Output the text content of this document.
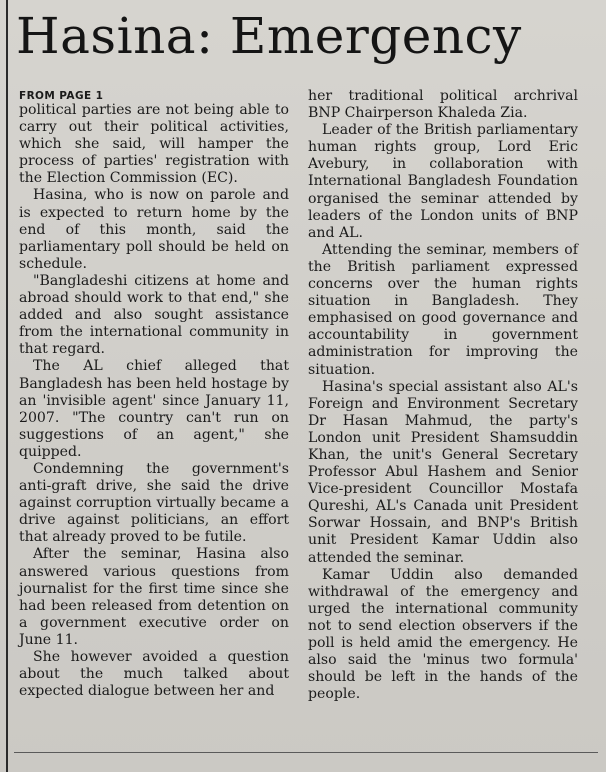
Hasina: Emergency
FROM PAGE 1

political parties are not being able to carry out their political activities, which she said, will hamper the process of parties' registration with the Election Commission (EC).

Hasina, who is now on parole and is expected to return home by the end of this month, said the parliamentary poll should be held on schedule.

"Bangladeshi citizens at home and abroad should work to that end," she added and also sought assistance from the international community in that regard.

The AL chief alleged that Bangladesh has been held hostage by an 'invisible agent' since January 11, 2007. "The country can't run on suggestions of an agent," she quipped.

Condemning the government's anti-graft drive, she said the drive against corruption virtually became a drive against politicians, an effort that already proved to be futile.

After the seminar, Hasina also answered various questions from journalist for the first time since she had been released from detention on a government executive order on June 11.

She however avoided a question about the much talked about expected dialogue between her and

her traditional political archrival BNP Chairperson Khaleda Zia.

Leader of the British parliamentary human rights group, Lord Eric Avebury, in collaboration with International Bangladesh Foundation organised the seminar attended by leaders of the London units of BNP and AL.

Attending the seminar, members of the British parliament expressed concerns over the human rights situation in Bangladesh. They emphasised on good governance and accountability in government administration for improving the situation.

Hasina's special assistant also AL's Foreign and Environment Secretary Dr Hasan Mahmud, the party's London unit President Shamsuddin Khan, the unit's General Secretary Professor Abul Hashem and Senior Vice-president Councillor Mostafa Qureshi, AL's Canada unit President Sorwar Hossain, and BNP's British unit President Kamar Uddin also attended the seminar.

Kamar Uddin also demanded withdrawal of the emergency and urged the international community not to send election observers if the poll is held amid the emergency. He also said the 'minus two formula' should be left in the hands of the people.
